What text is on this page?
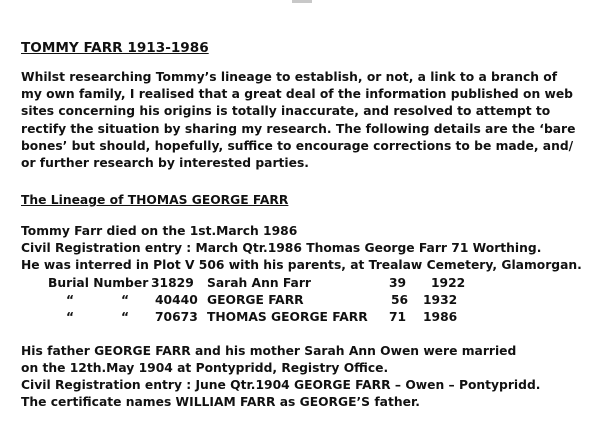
TOMMY FARR 1913-1986
Whilst researching Tommy’s lineage to establish, or not, a link to a branch of
my own family, I realised that a great deal of the information published on web
sites concerning his origins is totally inaccurate, and resolved to attempt to
rectify the situation by sharing my research. The following details are the ‘bare
bones’ but should, hopefully, suffice to encourage corrections to be made, and/
or further research by interested parties.
The Lineage of THOMAS GEORGE FARR
Tommy Farr died on the 1st.March 1986
Civil Registration entry : March Qtr.1986 Thomas George Farr 71 Worthing.
He was interred in Plot V 506 with his parents, at Trealaw Cemetery, Glamorgan.
Burial Number 31829 Sarah Ann Farr	39 1922
“	“ 40440 GEORGE FARR	56 1932
“	“ 70673 THOMAS GEORGE FARR 71 1986
His father GEORGE FARR and his mother Sarah Ann Owen were married
on the 12th.May 1904 at Pontypridd, Registry Office.
Civil Registration entry : June Qtr.1904 GEORGE FARR – Owen – Pontypridd.
The certificate names WILLIAM FARR as GEORGE’S father.
